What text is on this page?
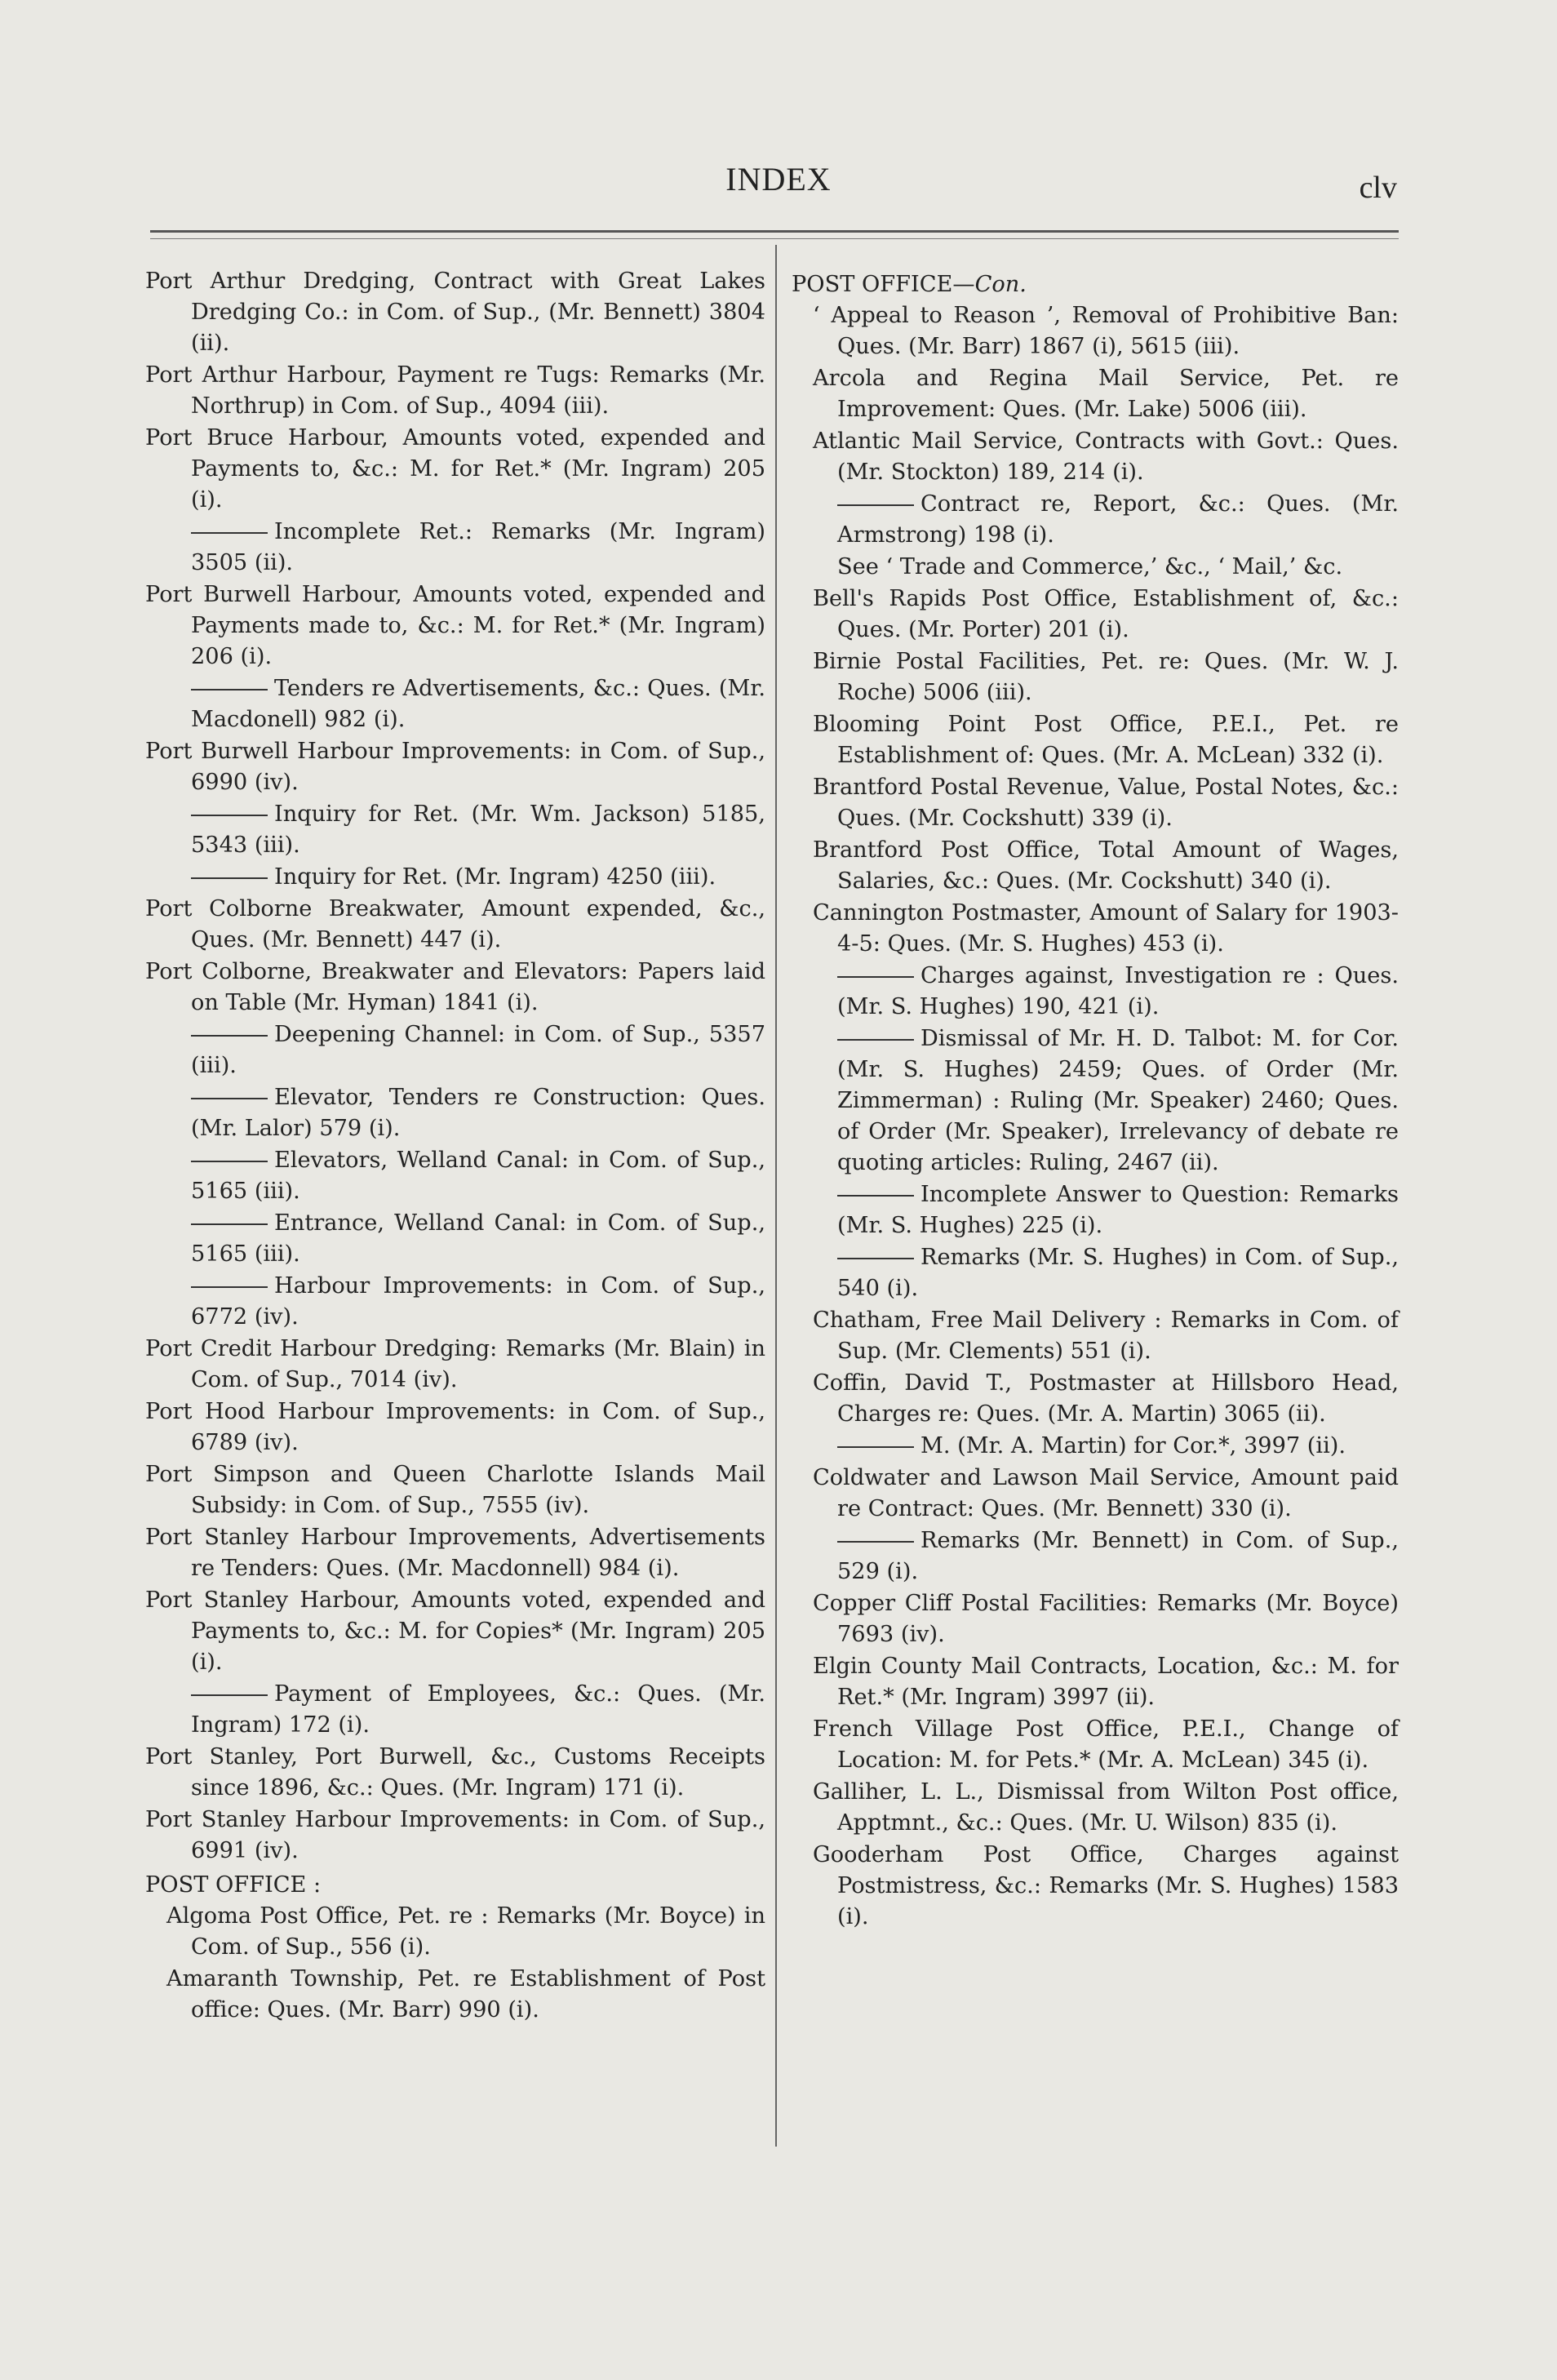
INDEX	clv
Port Arthur Dredging, Contract with Great Lakes Dredging Co.: in Com. of Sup., (Mr. Bennett) 3804 (ii).
Port Arthur Harbour, Payment re Tugs: Remarks (Mr. Northrup) in Com. of Sup., 4094 (iii).
Port Bruce Harbour, Amounts voted, expended and Payments to, &c.: M. for Ret.* (Mr. Ingram) 205 (i).
Incomplete Ret.: Remarks (Mr. Ingram) 3505 (ii).
Port Burwell Harbour, Amounts voted, expended and Payments made to, &c.: M. for Ret.* (Mr. Ingram) 206 (i).
Tenders re Advertisements, &c.: Ques. (Mr. Macdonell) 982 (i).
Port Burwell Harbour Improvements: in Com. of Sup., 6990 (iv).
Inquiry for Ret. (Mr. Wm. Jackson) 5185, 5343 (iii).
Inquiry for Ret. (Mr. Ingram) 4250 (iii).
Port Colborne Breakwater, Amount expended, &c., Ques. (Mr. Bennett) 447 (i).
Port Colborne, Breakwater and Elevators: Papers laid on Table (Mr. Hyman) 1841 (i).
Deepening Channel: in Com. of Sup., 5357 (iii).
Elevator, Tenders re Construction: Ques. (Mr. Lalor) 579 (i).
Elevators, Welland Canal: in Com. of Sup., 5165 (iii).
Entrance, Welland Canal: in Com. of Sup., 5165 (iii).
Harbour Improvements: in Com. of Sup., 6772 (iv).
Port Credit Harbour Dredging: Remarks (Mr. Blain) in Com. of Sup., 7014 (iv).
Port Hood Harbour Improvements: in Com. of Sup., 6789 (iv).
Port Simpson and Queen Charlotte Islands Mail Subsidy: in Com. of Sup., 7555 (iv).
Port Stanley Harbour Improvements, Advertisements re Tenders: Ques. (Mr. Macdonnell) 984 (i).
Port Stanley Harbour, Amounts voted, expended and Payments to, &c.: M. for Copies* (Mr. Ingram) 205 (i).
Payment of Employees, &c.: Ques. (Mr. Ingram) 172 (i).
Port Stanley, Port Burwell, &c., Customs Receipts since 1896, &c.: Ques. (Mr. Ingram) 171 (i).
Port Stanley Harbour Improvements: in Com. of Sup., 6991 (iv).
POST OFFICE :
Algoma Post Office, Pet. re : Remarks (Mr. Boyce) in Com. of Sup., 556 (i).
Amaranth Township, Pet. re Establishment of Post office: Ques. (Mr. Barr) 990 (i).
POST OFFICE—Con.
‘ Appeal to Reason ’, Removal of Prohibitive Ban: Ques. (Mr. Barr) 1867 (i), 5615 (iii).
Arcola and Regina Mail Service, Pet. re Improvement: Ques. (Mr. Lake) 5006 (iii).
Atlantic Mail Service, Contracts with Govt.: Ques. (Mr. Stockton) 189, 214 (i).
Contract re, Report, &c.: Ques. (Mr. Armstrong) 198 (i).
See ‘ Trade and Commerce,’ &c., ‘ Mail,’ &c.
Bell's Rapids Post Office, Establishment of, &c.: Ques. (Mr. Porter) 201 (i).
Birnie Postal Facilities, Pet. re: Ques. (Mr. W. J. Roche) 5006 (iii).
Blooming Point Post Office, P.E.I., Pet. re Establishment of: Ques. (Mr. A. McLean) 332 (i).
Brantford Postal Revenue, Value, Postal Notes, &c.: Ques. (Mr. Cockshutt) 339 (i).
Brantford Post Office, Total Amount of Wages, Salaries, &c.: Ques. (Mr. Cockshutt) 340 (i).
Cannington Postmaster, Amount of Salary for 1903-4-5: Ques. (Mr. S. Hughes) 453 (i).
Charges against, Investigation re : Ques. (Mr. S. Hughes) 190, 421 (i).
Dismissal of Mr. H. D. Talbot: M. for Cor. (Mr. S. Hughes) 2459; Ques. of Order (Mr. Zimmerman) : Ruling (Mr. Speaker) 2460; Ques. of Order (Mr. Speaker), Irrelevancy of debate re quoting articles: Ruling, 2467 (ii).
Incomplete Answer to Question: Remarks (Mr. S. Hughes) 225 (i).
Remarks (Mr. S. Hughes) in Com. of Sup., 540 (i).
Chatham, Free Mail Delivery : Remarks in Com. of Sup. (Mr. Clements) 551 (i).
Coffin, David T., Postmaster at Hillsboro Head, Charges re: Ques. (Mr. A. Martin) 3065 (ii).
M. (Mr. A. Martin) for Cor.*, 3997 (ii).
Coldwater and Lawson Mail Service, Amount paid re Contract: Ques. (Mr. Bennett) 330 (i).
Remarks (Mr. Bennett) in Com. of Sup., 529 (i).
Copper Cliff Postal Facilities: Remarks (Mr. Boyce) 7693 (iv).
Elgin County Mail Contracts, Location, &c.: M. for Ret.* (Mr. Ingram) 3997 (ii).
French Village Post Office, P.E.I., Change of Location: M. for Pets.* (Mr. A. McLean) 345 (i).
Galliher, L. L., Dismissal from Wilton Post office, Apptmnt., &c.: Ques. (Mr. U. Wilson) 835 (i).
Gooderham Post Office, Charges against Postmistress, &c.: Remarks (Mr. S. Hughes) 1583 (i).
